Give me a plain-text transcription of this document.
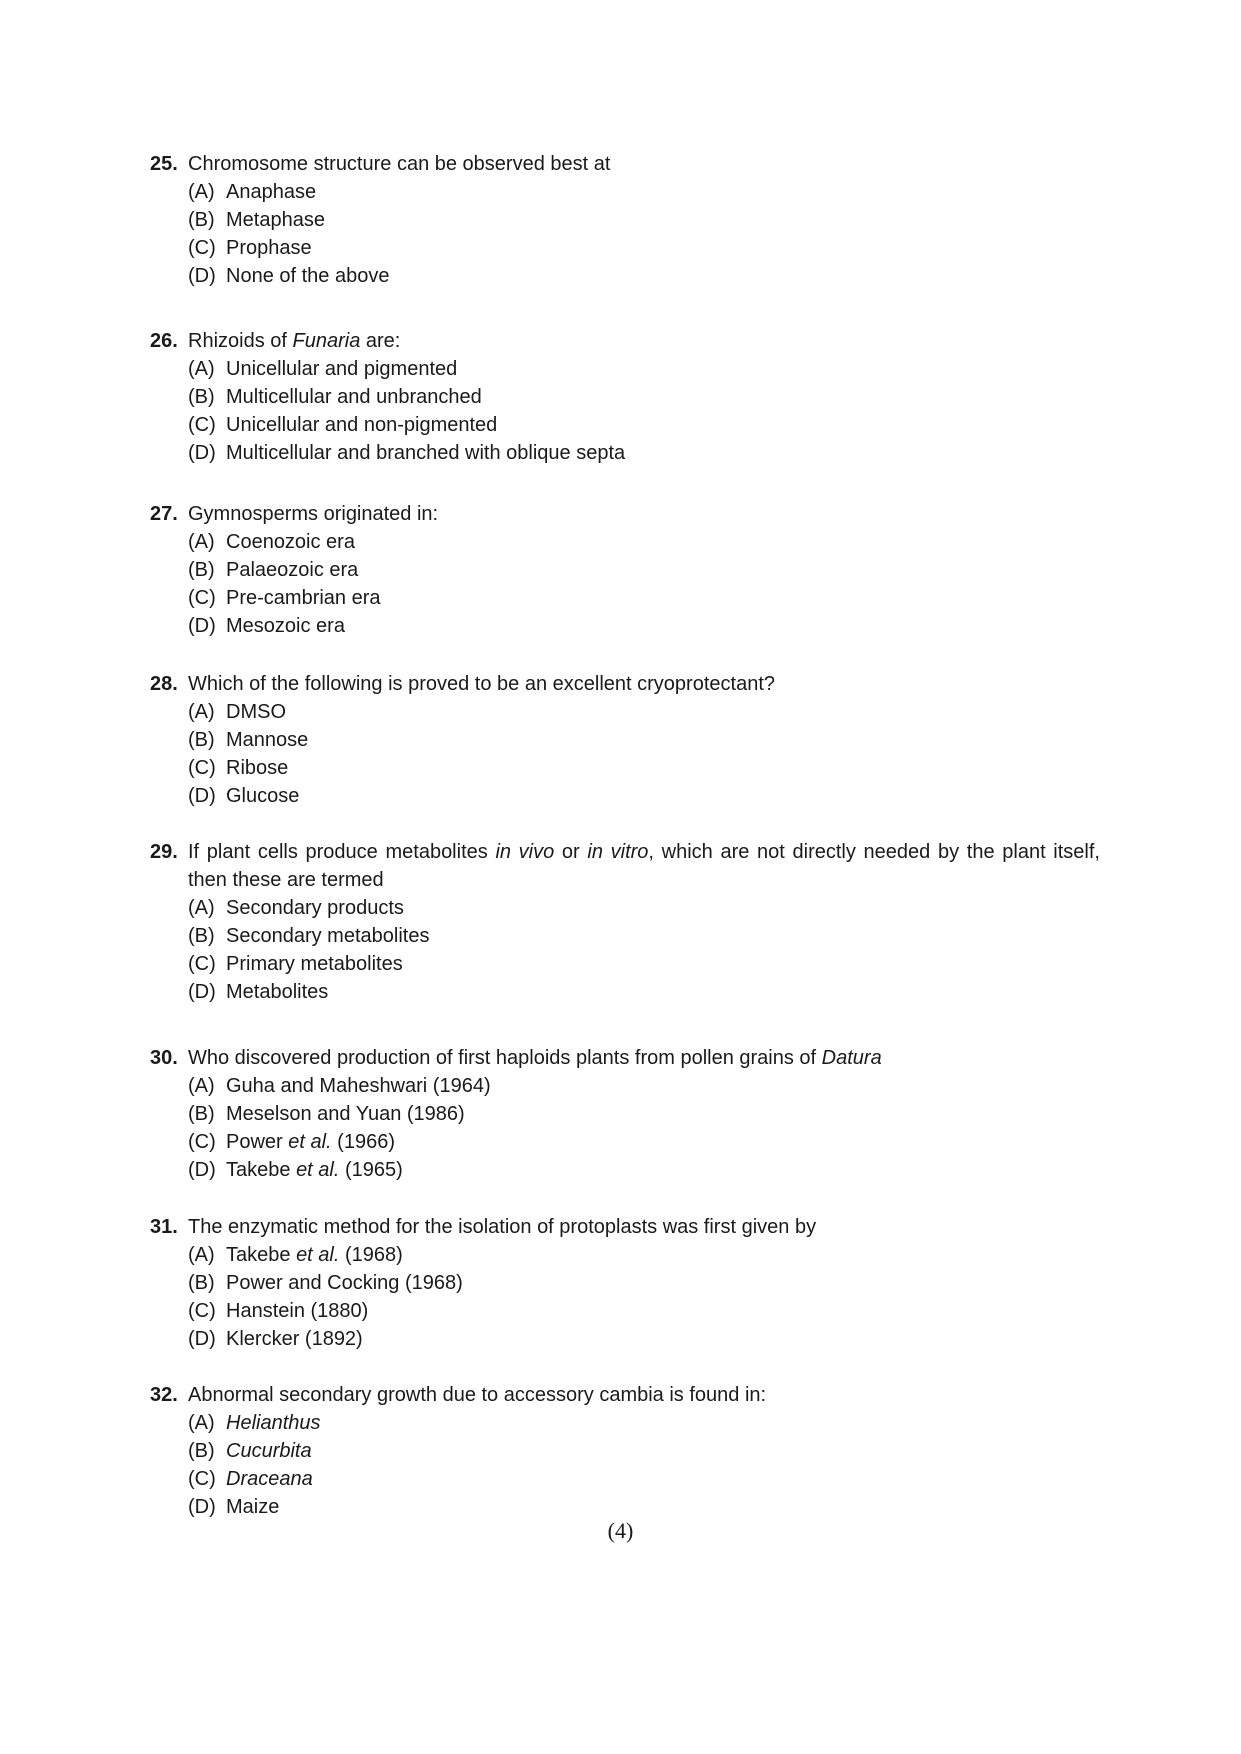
25. Chromosome structure can be observed best at
(A) Anaphase
(B) Metaphase
(C) Prophase
(D) None of the above
26. Rhizoids of Funaria are:
(A) Unicellular and pigmented
(B) Multicellular and unbranched
(C) Unicellular and non-pigmented
(D) Multicellular and branched with oblique septa
27. Gymnosperms originated in:
(A) Coenozoic era
(B) Palaeozoic era
(C) Pre-cambrian era
(D) Mesozoic era
28. Which of the following is proved to be an excellent cryoprotectant?
(A) DMSO
(B) Mannose
(C) Ribose
(D) Glucose
29. If plant cells produce metabolites in vivo or in vitro, which are not directly needed by the plant itself, then these are termed
(A) Secondary products
(B) Secondary metabolites
(C) Primary metabolites
(D) Metabolites
30. Who discovered production of first haploids plants from pollen grains of Datura
(A) Guha and Maheshwari (1964)
(B) Meselson and Yuan (1986)
(C) Power et al. (1966)
(D) Takebe et al. (1965)
31. The enzymatic method for the isolation of protoplasts was first given by
(A) Takebe et al. (1968)
(B) Power and Cocking (1968)
(C) Hanstein (1880)
(D) Klercker (1892)
32. Abnormal secondary growth due to accessory cambia is found in:
(A) Helianthus
(B) Cucurbita
(C) Draceana
(D) Maize
(4)
